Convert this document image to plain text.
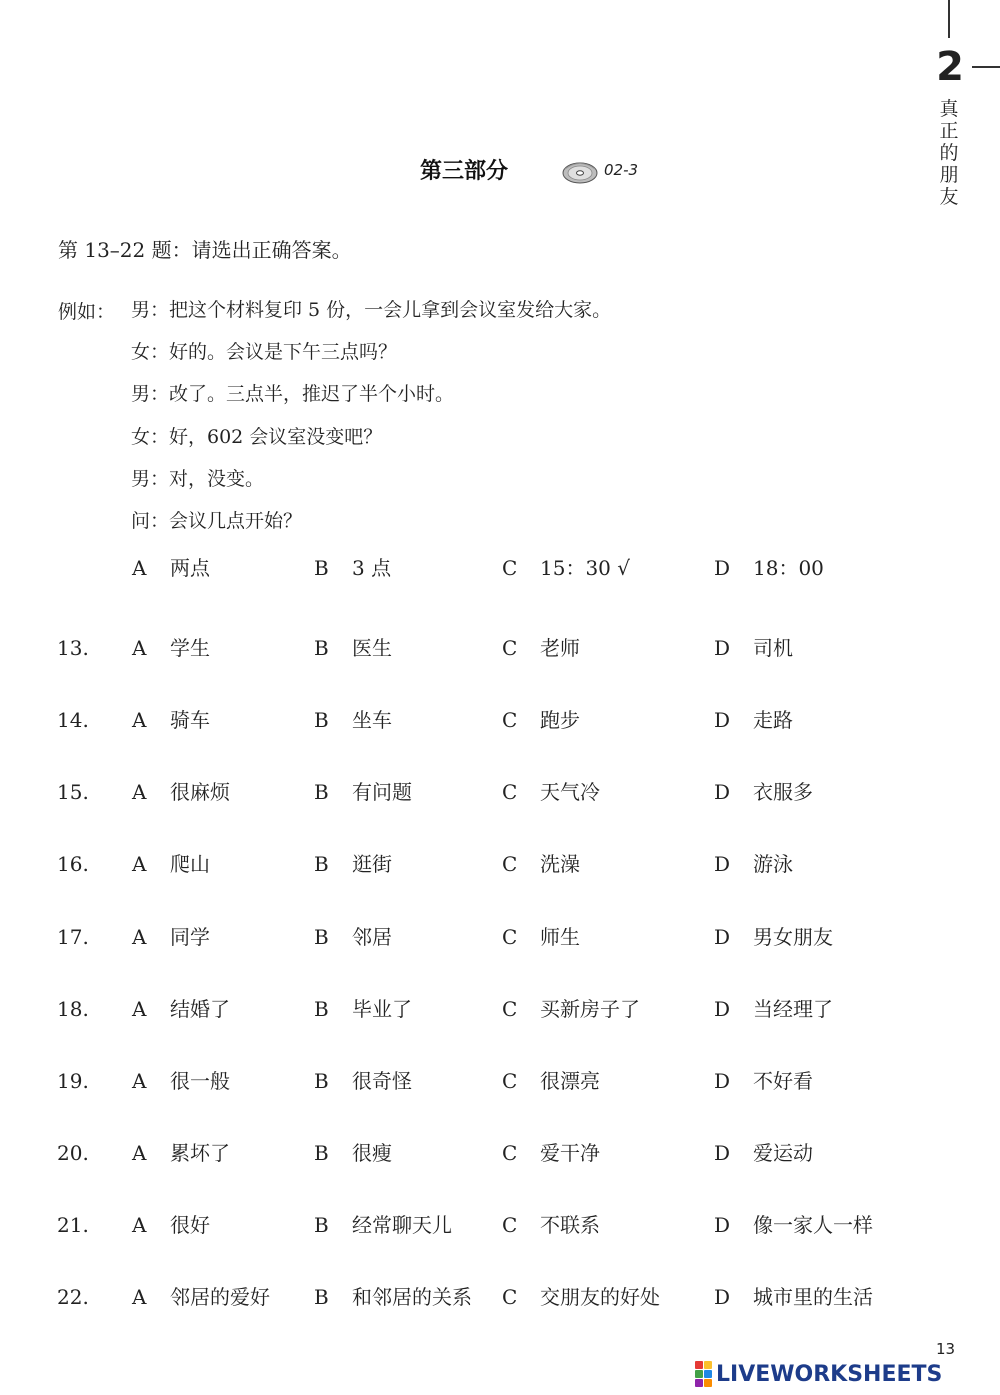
2
真
正
的
朋
友
第三部分	02-3
第 13–22 题：请选出正确答案。
例如： 男：把这个材料复印 5 份，一会儿拿到会议室发给大家。
女：好的。会议是下午三点吗？
男：改了。三点半，推迟了半个小时。
女：好，602 会议室没变吧？
男：对，没变。
问：会议几点开始？
A 两点	B 3 点	C 15：30 √	D 18：00
13. A 学生	B 医生	C 老师	D 司机
14. A 骑车	B 坐车	C 跑步	D 走路
15. A 很麻烦	B 有问题	C 天气冷	D 衣服多
16. A 爬山	B 逛街	C 洗澡	D 游泳
17. A 同学	B 邻居	C 师生	D 男女朋友
18. A 结婚了	B 毕业了	C 买新房子了	D 当经理了
19. A 很一般	B 很奇怪	C 很漂亮	D 不好看
20. A 累坏了	B 很瘦	C 爱干净	D 爱运动
21. A 很好	B 经常聊天儿	C 不联系	D 像一家人一样
22. A 邻居的爱好 B 和邻居的关系 C 交朋友的好处	D 城市里的生活
13
LIVEWORKSHEETS
